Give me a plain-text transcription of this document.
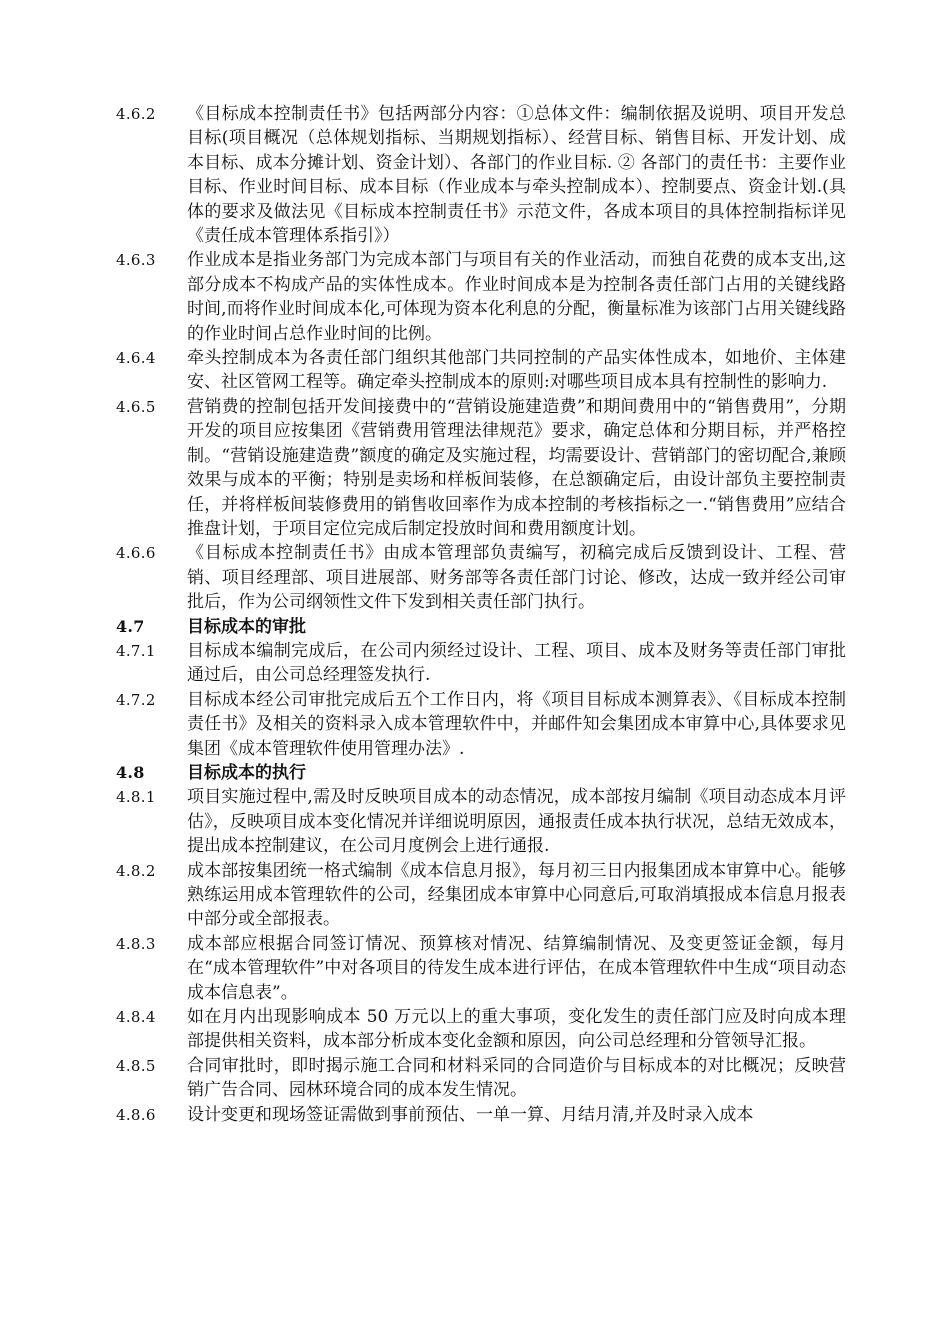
4.6.2	《目标成本控制责任书》包括两部分内容：①总体文件：编制依据及说明、项目开发总目标(项目概况（总体规划指标、当期规划指标）、经营目标、销售目标、开发计划、成本目标、成本分摊计划、资金计划）、各部门的作业目标. ② 各部门的责任书：主要作业目标、作业时间目标、成本目标（作业成本与牵头控制成本）、控制要点、资金计划.(具体的要求及做法见《目标成本控制责任书》示范文件，各成本项目的具体控制指标详见《责任成本管理体系指引》）
4.6.3	作业成本是指业务部门为完成本部门与项目有关的作业活动，而独自花费的成本支出,这部分成本不构成产品的实体性成本。作业时间成本是为控制各责任部门占用的关键线路时间,而将作业时间成本化,可体现为资本化利息的分配，衡量标准为该部门占用关键线路的作业时间占总作业时间的比例。
4.6.4	牵头控制成本为各责任部门组织其他部门共同控制的产品实体性成本，如地价、主体建安、社区管网工程等。确定牵头控制成本的原则:对哪些项目成本具有控制性的影响力.
4.6.5	营销费的控制包括开发间接费中的“营销设施建造费”和期间费用中的“销售费用”，分期开发的项目应按集团《营销费用管理法律规范》要求，确定总体和分期目标，并严格控制。“营销设施建造费”额度的确定及实施过程，均需要设计、营销部门的密切配合,兼顾效果与成本的平衡；特别是卖场和样板间装修，在总额确定后，由设计部负主要控制责任，并将样板间装修费用的销售收回率作为成本控制的考核指标之一.“销售费用”应结合推盘计划，于项目定位完成后制定投放时间和费用额度计划。
4.6.6	《目标成本控制责任书》由成本管理部负责编写，初稿完成后反馈到设计、工程、营销、项目经理部、项目进展部、财务部等各责任部门讨论、修改，达成一致并经公司审批后，作为公司纲领性文件下发到相关责任部门执行。
4.7	目标成本的审批
4.7.1	目标成本编制完成后，在公司内须经过设计、工程、项目、成本及财务等责任部门审批通过后，由公司总经理签发执行.
4.7.2	目标成本经公司审批完成后五个工作日内，将《项目目标成本测算表》、《目标成本控制责任书》及相关的资料录入成本管理软件中，并邮件知会集团成本审算中心,具体要求见集团《成本管理软件使用管理办法》.
4.8	目标成本的执行
4.8.1	项目实施过程中,需及时反映项目成本的动态情况，成本部按月编制《项目动态成本月评估》，反映项目成本变化情况并详细说明原因，通报责任成本执行状况，总结无效成本，提出成本控制建议，在公司月度例会上进行通报.
4.8.2	成本部按集团统一格式编制《成本信息月报》，每月初三日内报集团成本审算中心。能够熟练运用成本管理软件的公司，经集团成本审算中心同意后,可取消填报成本信息月报表中部分或全部报表。
4.8.3	成本部应根据合同签订情况、预算核对情况、结算编制情况、及变更签证金额，每月在“成本管理软件”中对各项目的待发生成本进行评估，在成本管理软件中生成“项目动态成本信息表”。
4.8.4	如在月内出现影响成本 50 万元以上的重大事项，变化发生的责任部门应及时向成本理部提供相关资料，成本部分析成本变化金额和原因，向公司总经理和分管领导汇报。
4.8.5	合同审批时，即时揭示施工合同和材料采同的合同造价与目标成本的对比概况；反映营销广告合同、园林环境合同的成本发生情况。
4.8.6	设计变更和现场签证需做到事前预估、一单一算、月结月清,并及时录入成本
